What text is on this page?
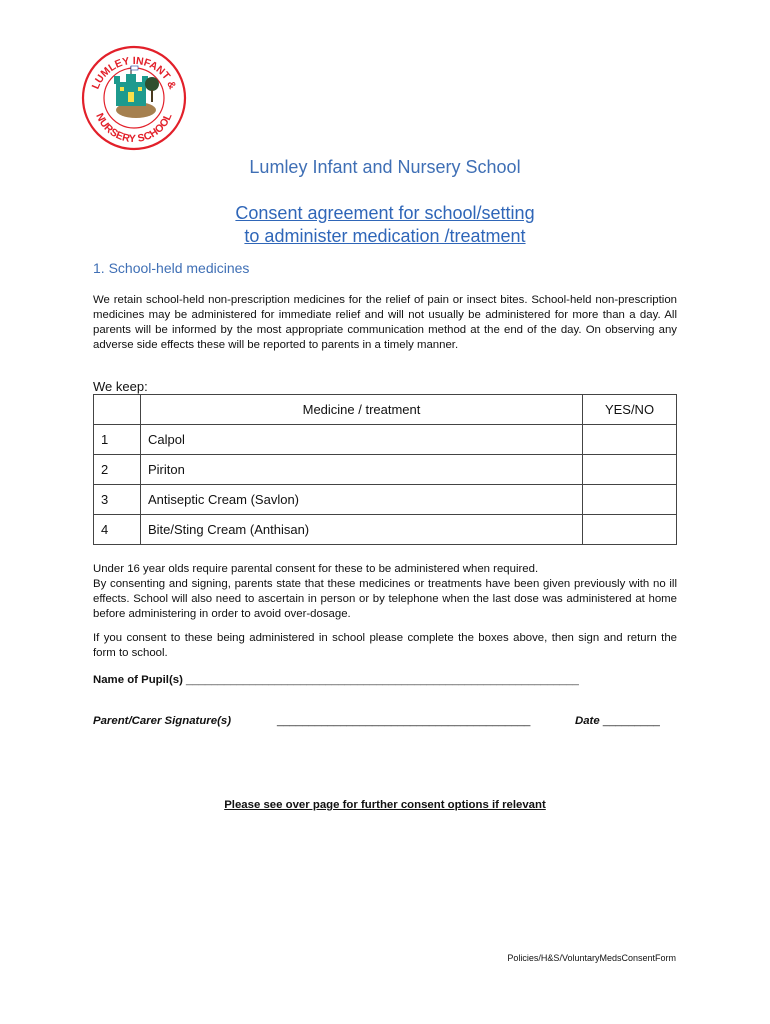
LUMLEY INFANT &
NURSERY SCHOOL
Lumley Infant and Nursery School
Consent agreement for school/setting
to administer medication /treatment
1. School-held medicines
We retain school-held non-prescription medicines for the relief of pain or insect bites. School-held non-prescription medicines may be administered for immediate relief and will not usually be administered for more than a day. All parents will be informed by the most appropriate communication method at the end of the day. On observing any adverse side effects these will be reported to parents in a timely manner.
We keep:
	Medicine / treatment	YES/NO
1	Calpol	
2	Piriton	
3	Antiseptic Cream (Savlon)	
4	Bite/Sting Cream (Anthisan)	
Under 16 year olds require parental consent for these to be administered when required.
By consenting and signing, parents state that these medicines or treatments have been given previously with no ill effects. School will also need to ascertain in person or by telephone when the last dose was administered at home before administering in order to avoid over-dosage.
If you consent to these being administered in school please complete the boxes above, then sign and return the form to school.
Name of Pupil(s) ______________________________________________________________
Parent/Carer Signature(s)	________________________________________	Date _________
Please see over page for further consent options if relevant
Policies/H&S/VoluntaryMedsConsentForm
